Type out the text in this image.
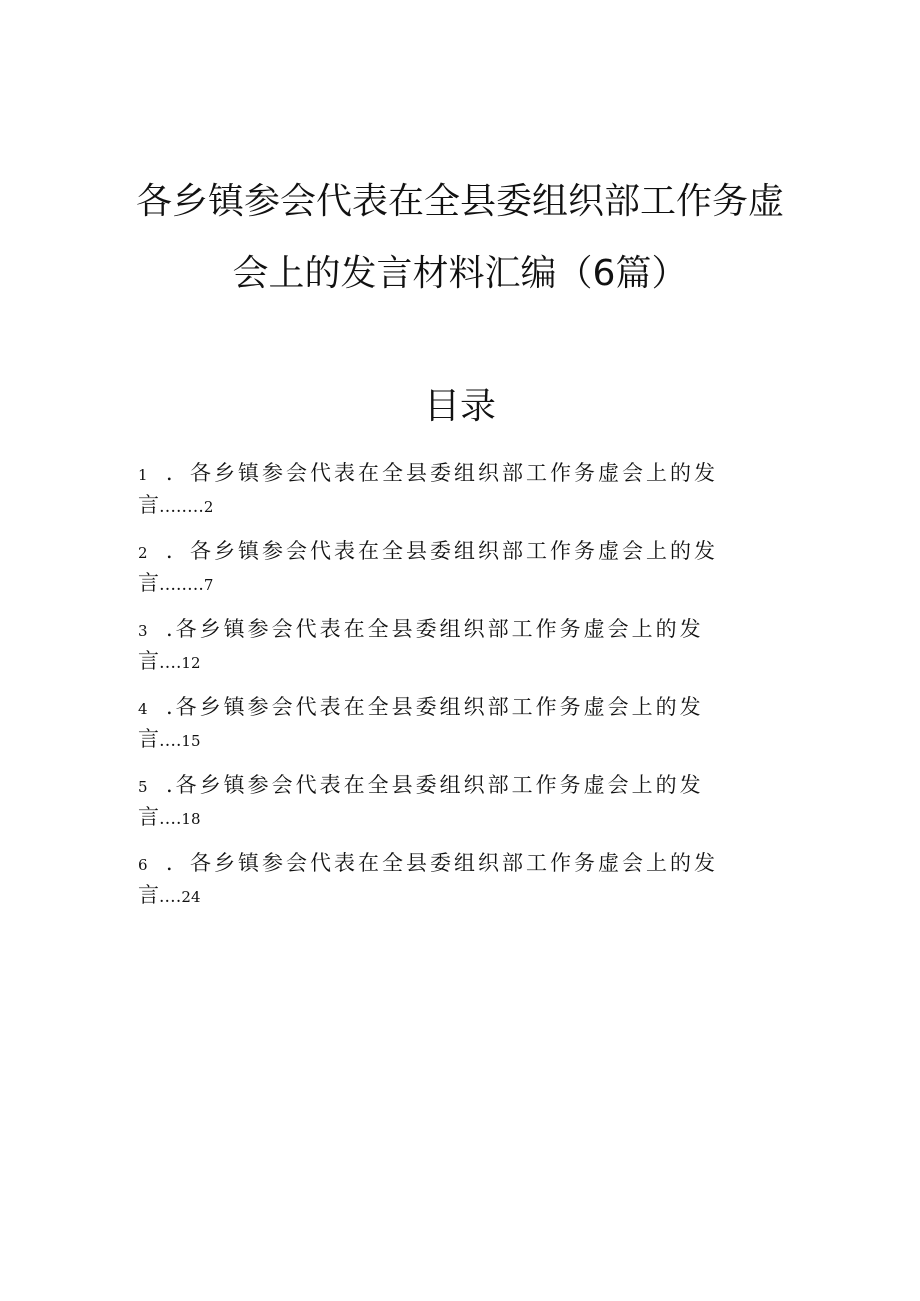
各乡镇参会代表在全县委组织部工作务虚
会上的发言材料汇编（6篇）
目录
1 ．各乡镇参会代表在全县委组织部工作务虚会上的发
言….….2
2 ．各乡镇参会代表在全县委组织部工作务虚会上的发
言….….7
3 .各乡镇参会代表在全县委组织部工作务虚会上的发
言….12
4 .各乡镇参会代表在全县委组织部工作务虚会上的发
言….15
5 .各乡镇参会代表在全县委组织部工作务虚会上的发
言….18
6 ．各乡镇参会代表在全县委组织部工作务虚会上的发
言.…24
